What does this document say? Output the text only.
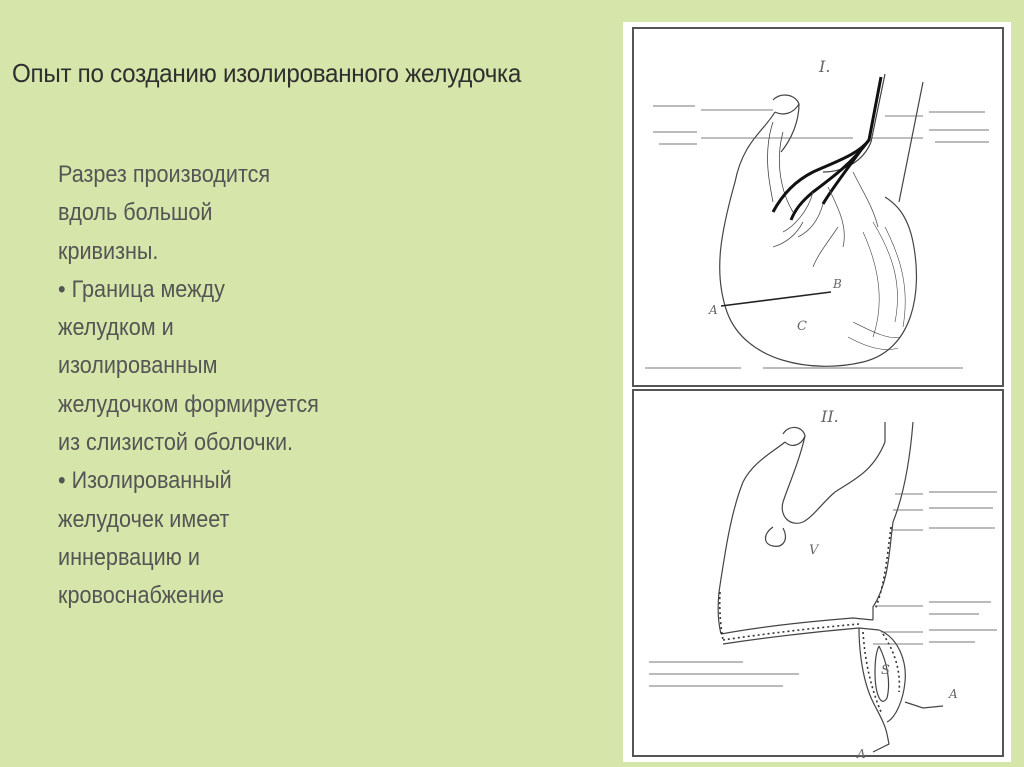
Опыт по созданию изолированного желудочка
Разрез производится
вдоль большой
кривизны.
• Граница между
желудком и
изолированным
желудочком формируется
из слизистой оболочки.
• Изолированный
желудочек имеет
иннервацию и
кровоснабжение
I.
A
B
C
II.
V
S
A
A
